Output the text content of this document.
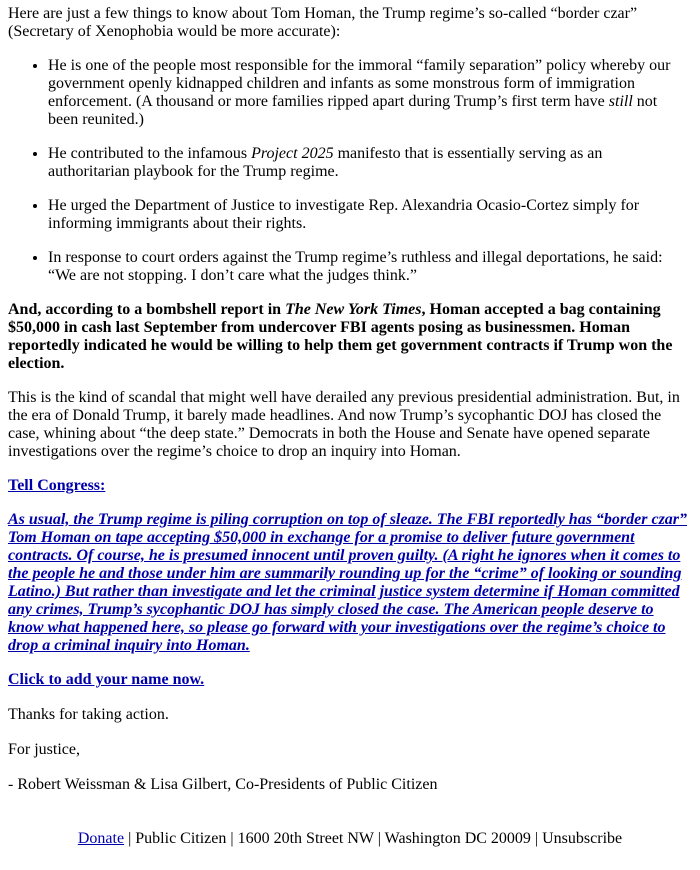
Here are just a few things to know about Tom Homan, the Trump regime’s so-called “border czar” (Secretary of Xenophobia would be more accurate):

• He is one of the people most responsible for the immoral “family separation” policy whereby our government openly kidnapped children and infants as some monstrous form of immigration enforcement. (A thousand or more families ripped apart during Trump’s first term have still not been reunited.)
• He contributed to the infamous Project 2025 manifesto that is essentially serving as an authoritarian playbook for the Trump regime.
• He urged the Department of Justice to investigate Rep. Alexandria Ocasio-Cortez simply for informing immigrants about their rights.
• In response to court orders against the Trump regime’s ruthless and illegal deportations, he said: “We are not stopping. I don’t care what the judges think.”

And, according to a bombshell report in The New York Times, Homan accepted a bag containing $50,000 in cash last September from undercover FBI agents posing as businessmen. Homan reportedly indicated he would be willing to help them get government contracts if Trump won the election.

This is the kind of scandal that might well have derailed any previous presidential administration. But, in the era of Donald Trump, it barely made headlines. And now Trump’s sycophantic DOJ has closed the case, whining about “the deep state.” Democrats in both the House and Senate have opened separate investigations over the regime’s choice to drop an inquiry into Homan.

Tell Congress:

As usual, the Trump regime is piling corruption on top of sleaze. The FBI reportedly has “border czar” Tom Homan on tape accepting $50,000 in exchange for a promise to deliver future government contracts. Of course, he is presumed innocent until proven guilty. (A right he ignores when it comes to the people he and those under him are summarily rounding up for the “crime” of looking or sounding Latino.) But rather than investigate and let the criminal justice system determine if Homan committed any crimes, Trump’s sycophantic DOJ has simply closed the case. The American people deserve to know what happened here, so please go forward with your investigations over the regime’s choice to drop a criminal inquiry into Homan.

Click to add your name now.

Thanks for taking action.

For justice,

- Robert Weissman & Lisa Gilbert, Co-Presidents of Public Citizen

Donate | Public Citizen | 1600 20th Street NW | Washington DC 20009 | Unsubscribe
